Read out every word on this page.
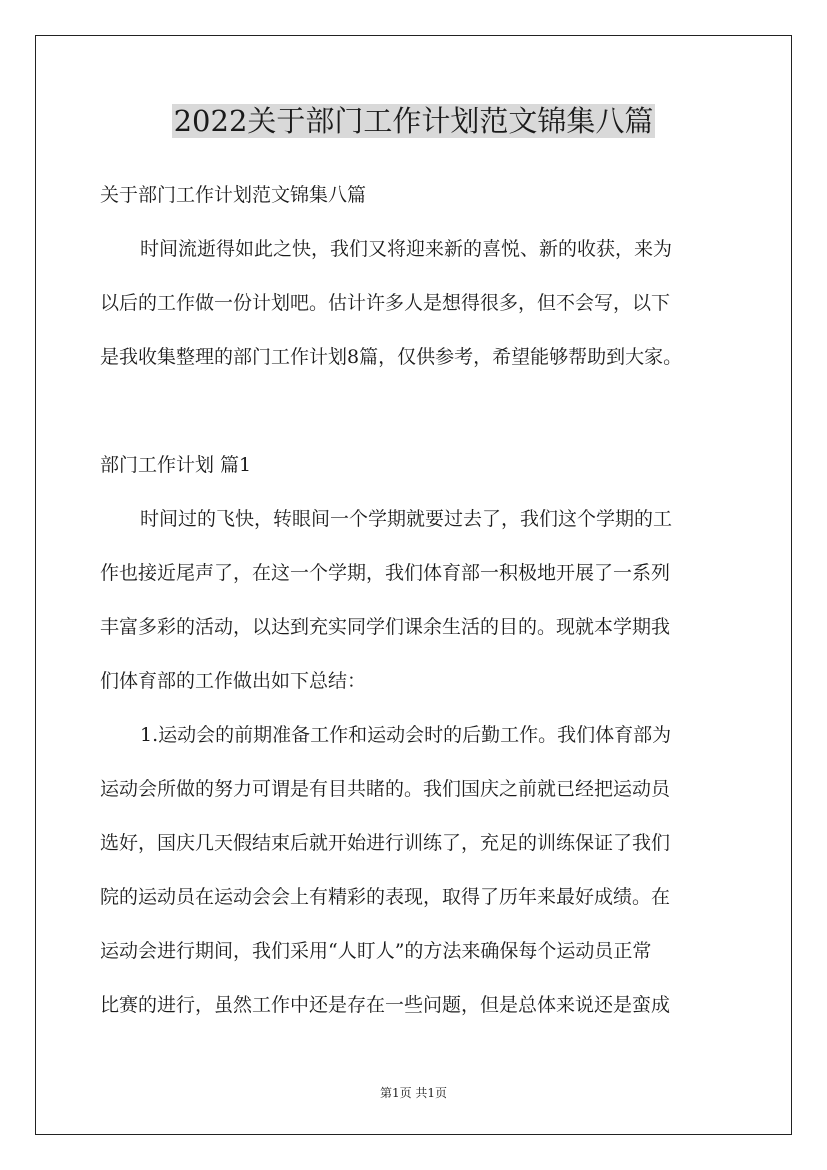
2022关于部门工作计划范文锦集八篇
关于部门工作计划范文锦集八篇
时间流逝得如此之快，我们又将迎来新的喜悦、新的收获，来为
以后的工作做一份计划吧。估计许多人是想得很多，但不会写，以下
是我收集整理的部门工作计划8篇，仅供参考，希望能够帮助到大家。
部门工作计划 篇1
时间过的飞快，转眼间一个学期就要过去了，我们这个学期的工
作也接近尾声了，在这一个学期，我们体育部一积极地开展了一系列
丰富多彩的活动，以达到充实同学们课余生活的目的。现就本学期我
们体育部的工作做出如下总结：
1.运动会的前期准备工作和运动会时的后勤工作。我们体育部为
运动会所做的努力可谓是有目共睹的。我们国庆之前就已经把运动员
选好，国庆几天假结束后就开始进行训练了，充足的训练保证了我们
院的运动员在运动会会上有精彩的表现，取得了历年来最好成绩。在
运动会进行期间，我们采用“人盯人”的方法来确保每个运动员正常
比赛的进行，虽然工作中还是存在一些问题，但是总体来说还是蛮成
第1页 共1页
